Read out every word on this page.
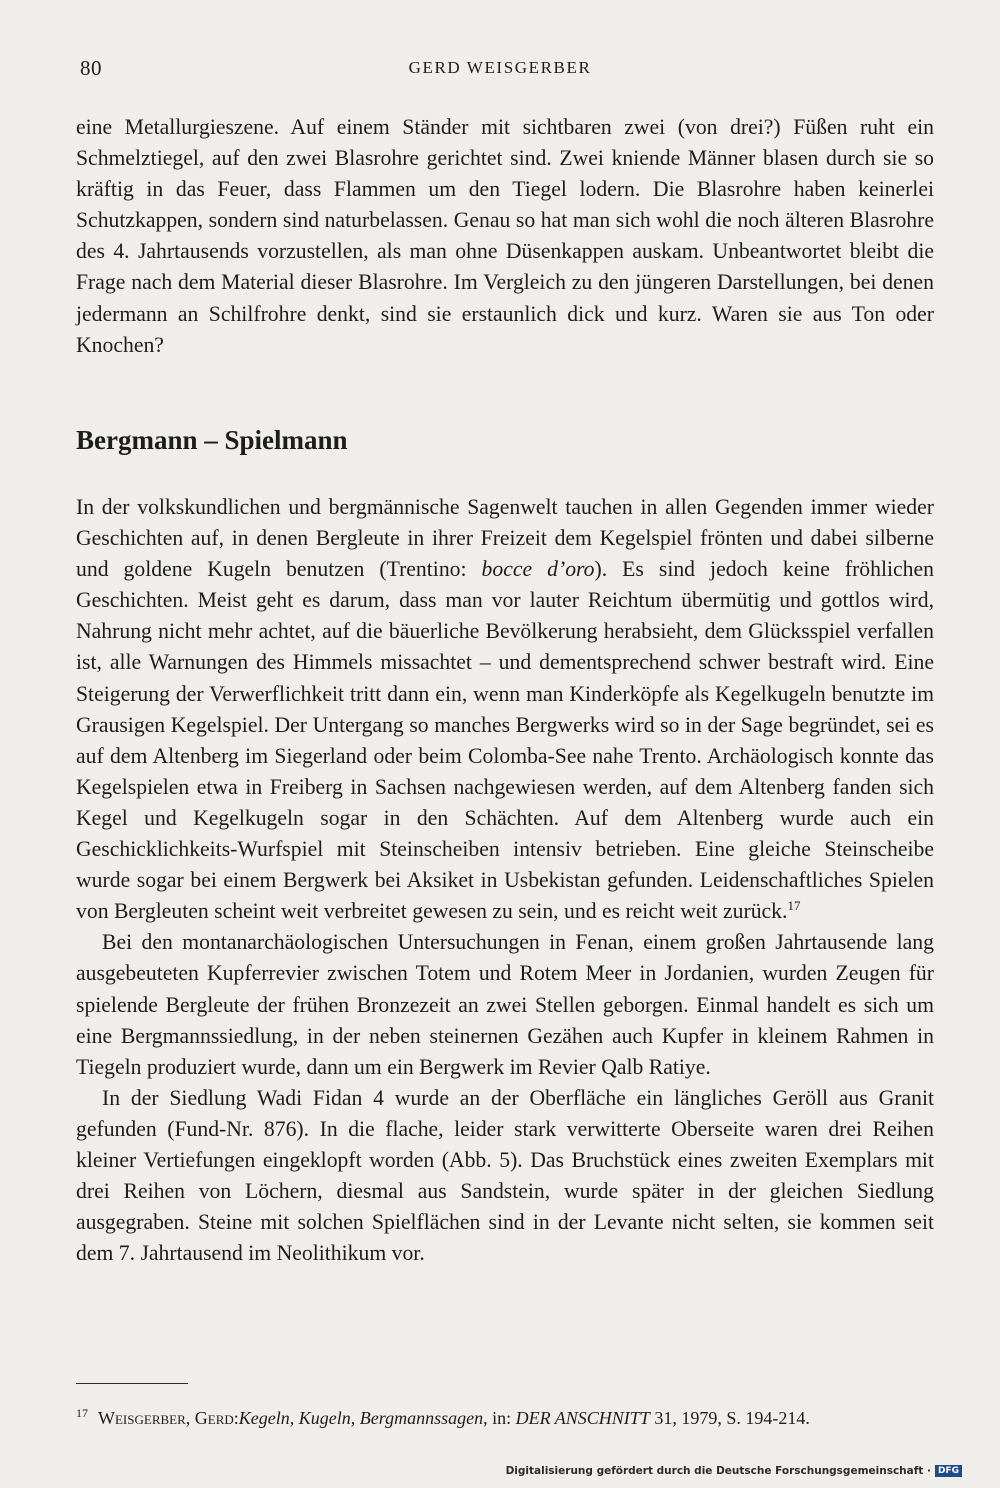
80	GERD WEISGERBER

eine Metallurgieszene. Auf einem Ständer mit sichtbaren zwei (von drei?) Füßen ruht ein Schmelztiegel, auf den zwei Blasrohre gerichtet sind. Zwei kniende Männer blasen durch sie so kräftig in das Feuer, dass Flammen um den Tiegel lodern. Die Blasrohre haben keinerlei Schutzkappen, sondern sind naturbelassen. Genau so hat man sich wohl die noch älteren Blasrohre des 4. Jahrtausends vorzustellen, als man ohne Düsenkappen auskam. Unbeantwortet bleibt die Frage nach dem Material dieser Blasrohre. Im Vergleich zu den jüngeren Darstellungen, bei denen jedermann an Schilfrohre denkt, sind sie erstaunlich dick und kurz. Waren sie aus Ton oder Knochen?

Bergmann – Spielmann

In der volkskundlichen und bergmännische Sagenwelt tauchen in allen Gegenden immer wieder Geschichten auf, in denen Bergleute in ihrer Freizeit dem Kegelspiel frönten und dabei silberne und goldene Kugeln benutzen (Trentino: bocce d’oro). Es sind jedoch keine fröhlichen Geschichten. Meist geht es darum, dass man vor lauter Reichtum übermütig und gottlos wird, Nahrung nicht mehr achtet, auf die bäuerliche Bevölkerung herabsieht, dem Glücksspiel verfallen ist, alle Warnungen des Himmels missachtet – und dementsprechend schwer bestraft wird. Eine Steigerung der Verwerflichkeit tritt dann ein, wenn man Kinderköpfe als Kegelkugeln benutzte im Grausigen Kegelspiel. Der Untergang so manches Bergwerks wird so in der Sage begründet, sei es auf dem Altenberg im Siegerland oder beim Colomba-See nahe Trento. Archäologisch konnte das Kegelspielen etwa in Freiberg in Sachsen nachgewiesen werden, auf dem Altenberg fanden sich Kegel und Kegelkugeln sogar in den Schächten. Auf dem Altenberg wurde auch ein Geschicklichkeits-Wurfspiel mit Steinscheiben intensiv betrieben. Eine gleiche Steinscheibe wurde sogar bei einem Bergwerk bei Aksiket in Usbekistan gefunden. Leidenschaftliches Spielen von Bergleuten scheint weit verbreitet gewesen zu sein, und es reicht weit zurück.$^{17}$

Bei den montanarchäologischen Untersuchungen in Fenan, einem großen Jahrtausende lang ausgebeuteten Kupferrevier zwischen Totem und Rotem Meer in Jordanien, wurden Zeugen für spielende Bergleute der frühen Bronzezeit an zwei Stellen geborgen. Einmal handelt es sich um eine Bergmannssiedlung, in der neben steinernen Gezähen auch Kupfer in kleinem Rahmen in Tiegeln produziert wurde, dann um ein Bergwerk im Revier Qalb Ratiye.

In der Siedlung Wadi Fidan 4 wurde an der Oberfläche ein längliches Geröll aus Granit gefunden (Fund-Nr. 876). In die flache, leider stark verwitterte Oberseite waren drei Reihen kleiner Vertiefungen eingeklopft worden (Abb. 5). Das Bruchstück eines zweiten Exemplars mit drei Reihen von Löchern, diesmal aus Sandstein, wurde später in der gleichen Siedlung ausgegraben. Steine mit solchen Spielflächen sind in der Levante nicht selten, sie kommen seit dem 7. Jahrtausend im Neolithikum vor.

$^{17}$ Weisgerber, Gerd:Kegeln, Kugeln, Bergmannssagen, in: DER ANSCHNITT 31, 1979, S. 194-214.
Digitalisierung gefördert durch die Deutsche Forschungsgemeinschaft · DFG
